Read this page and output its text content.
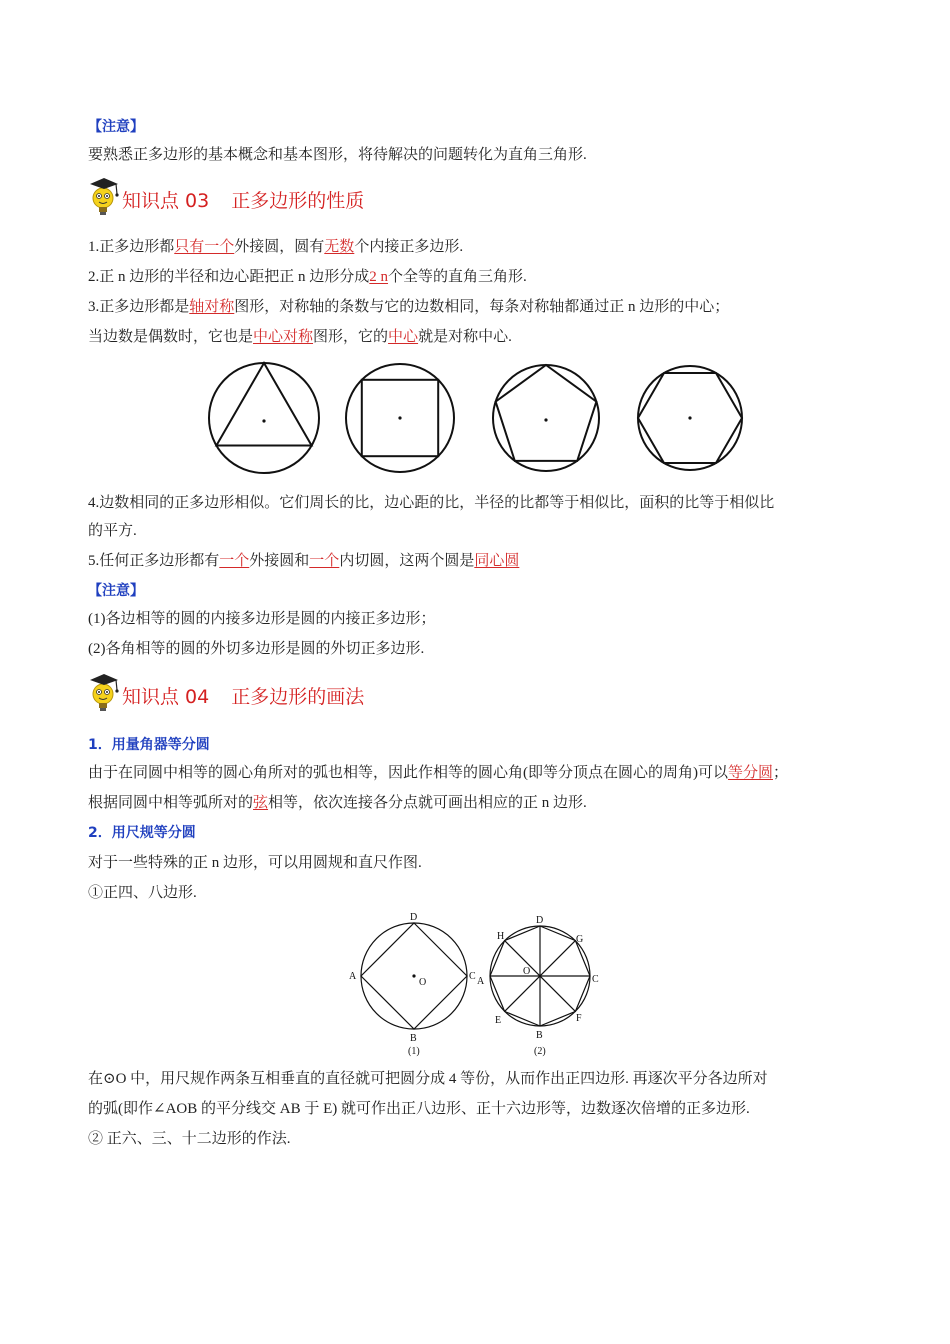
【注意】
要熟悉正多边形的基本概念和基本图形，将待解决的问题转化为直角三角形.
知识点 03 正多边形的性质
1.正多边形都只有一个外接圆，圆有无数个内接正多边形.
2.正 n 边形的半径和边心距把正 n 边形分成2 n个全等的直角三角形.
3.正多边形都是轴对称图形，对称轴的条数与它的边数相同，每条对称轴都通过正 n 边形的中心；
当边数是偶数时，它也是中心对称图形，它的中心就是对称中心.
4.边数相同的正多边形相似。它们周长的比，边心距的比，半径的比都等于相似比，面积的比等于相似比
的平方.
5.任何正多边形都有一个外接圆和一个内切圆，这两个圆是同心圆
【注意】
(1)各边相等的圆的内接多边形是圆的内接正多边形；
(2)各角相等的圆的外切多边形是圆的外切正多边形.
知识点 04 正多边形的画法
1．用量角器等分圆
由于在同圆中相等的圆心角所对的弧也相等，因此作相等的圆心角(即等分顶点在圆心的周角)可以等分圆；
根据同圆中相等弧所对的弦相等，依次连接各分点就可画出相应的正 n 边形.
2．用尺规等分圆
对于一些特殊的正 n 边形，可以用圆规和直尺作图.
①正四、八边形.
D
A	C
O
B
(1)
D
H	G
A	C
O
E	F
B
(2)
在⊙O 中，用尺规作两条互相垂直的直径就可把圆分成 4 等份，从而作出正四边形. 再逐次平分各边所对
的弧(即作∠AOB 的平分线交 AB 于 E) 就可作出正八边形、正十六边形等，边数逐次倍增的正多边形.
② 正六、三、十二边形的作法.
